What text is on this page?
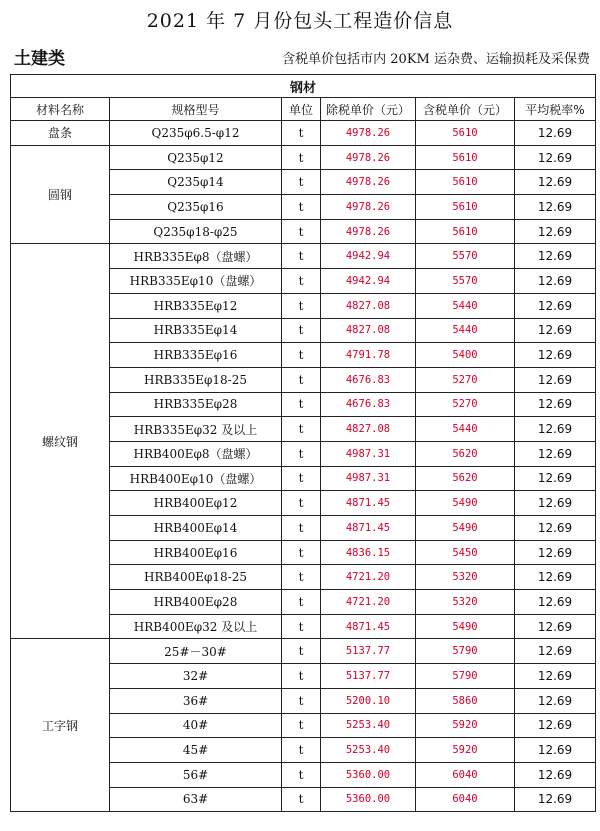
2021 年 7 月份包头工程造价信息
土建类	含税单价包括市内 20KM 运杂费、运输损耗及采保费
钢材					
材料名称	规格型号	单位	除税单价（元）	含税单价（元）	平均税率%
盘条	Q235φ6.5-φ12	t	4978.26	5610	12.69
圆钢	Q235φ12	t	4978.26	5610	12.69
	Q235φ14	t	4978.26	5610	12.69
	Q235φ16	t	4978.26	5610	12.69
	Q235φ18-φ25	t	4978.26	5610	12.69
螺纹钢	HRB335Eφ8（盘螺）	t	4942.94	5570	12.69
	HRB335Eφ10（盘螺）	t	4942.94	5570	12.69
	HRB335Eφ12	t	4827.08	5440	12.69
	HRB335Eφ14	t	4827.08	5440	12.69
	HRB335Eφ16	t	4791.78	5400	12.69
	HRB335Eφ18-25	t	4676.83	5270	12.69
	HRB335Eφ28	t	4676.83	5270	12.69
	HRB335Eφ32 及以上	t	4827.08	5440	12.69
	HRB400Eφ8（盘螺）	t	4987.31	5620	12.69
	HRB400Eφ10（盘螺）	t	4987.31	5620	12.69
	HRB400Eφ12	t	4871.45	5490	12.69
	HRB400Eφ14	t	4871.45	5490	12.69
	HRB400Eφ16	t	4836.15	5450	12.69
	HRB400Eφ18-25	t	4721.20	5320	12.69
	HRB400Eφ28	t	4721.20	5320	12.69
	HRB400Eφ32 及以上	t	4871.45	5490	12.69
工字钢	25#－30#	t	5137.77	5790	12.69
	32#	t	5137.77	5790	12.69
	36#	t	5200.10	5860	12.69
	40#	t	5253.40	5920	12.69
	45#	t	5253.40	5920	12.69
	56#	t	5360.00	6040	12.69
	63#	t	5360.00	6040	12.69
